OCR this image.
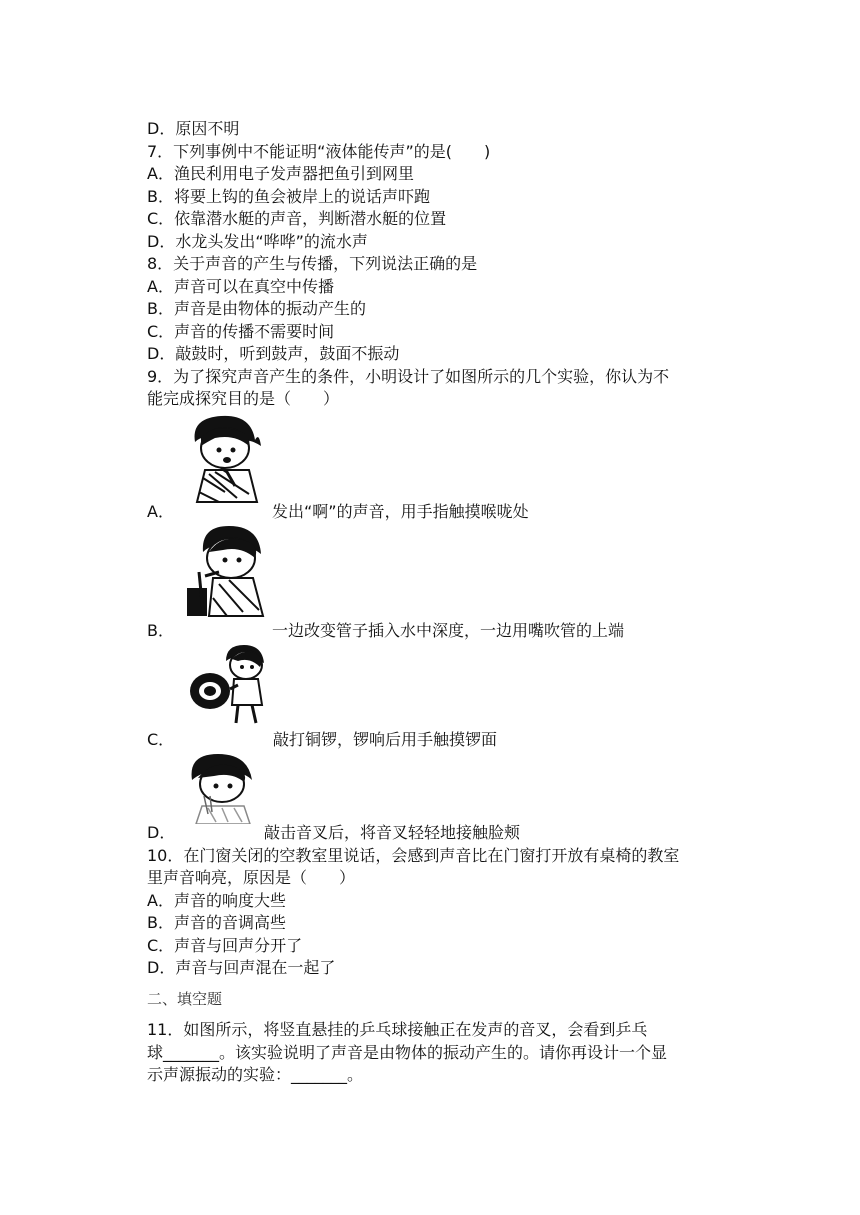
D．原因不明
7．下列事例中不能证明“液体能传声”的是(　　)
A．渔民利用电子发声器把鱼引到网里
B．将要上钩的鱼会被岸上的说话声吓跑
C．依靠潜水艇的声音，判断潜水艇的位置
D．水龙头发出“哗哗”的流水声
8．关于声音的产生与传播，下列说法正确的是
A．声音可以在真空中传播
B．声音是由物体的振动产生的
C．声音的传播不需要时间
D．敲鼓时，听到鼓声，鼓面不振动
9．为了探究声音产生的条件，小明设计了如图所示的几个实验，你认为不
能完成探究目的是（　　）
A．	发出“啊”的声音，用手指触摸喉咙处
B．	一边改变管子插入水中深度，一边用嘴吹管的上端
C．	敲打铜锣，锣响后用手触摸锣面
D．	敲击音叉后，将音叉轻轻地接触脸颊
10．在门窗关闭的空教室里说话，会感到声音比在门窗打开放有桌椅的教室
里声音响亮，原因是（　　）
A．声音的响度大些
B．声音的音调高些
C．声音与回声分开了
D．声音与回声混在一起了
二、填空题
11．如图所示，将竖直悬挂的乒乓球接触正在发声的音叉，会看到乒乓
球_______。该实验说明了声音是由物体的振动产生的。请你再设计一个显
示声源振动的实验：_______。
